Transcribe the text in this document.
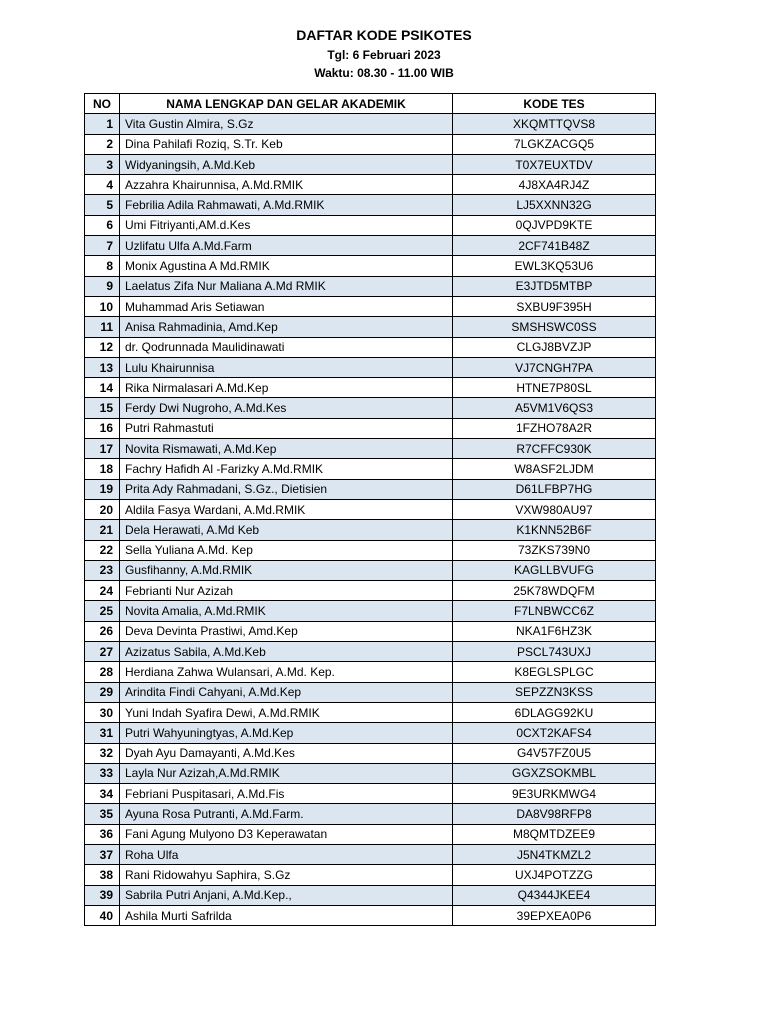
DAFTAR KODE PSIKOTES
Tgl: 6 Februari 2023
Waktu: 08.30 - 11.00 WIB
NO	NAMA LENGKAP DAN GELAR AKADEMIK	KODE TES
1	Vita Gustin Almira, S.Gz	XKQMTTQVS8
2	Dina Pahilafi Roziq, S.Tr. Keb	7LGKZACGQ5
3	Widyaningsih, A.Md.Keb	T0X7EUXTDV
4	Azzahra Khairunnisa, A.Md.RMIK	4J8XA4RJ4Z
5	Febrilia Adila Rahmawati, A.Md.RMIK	LJ5XXNN32G
6	Umi Fitriyanti,AM.d.Kes	0QJVPD9KTE
7	Uzlifatu Ulfa A.Md.Farm	2CF741B48Z
8	Monix Agustina A Md.RMIK	EWL3KQ53U6
9	Laelatus Zifa Nur Maliana A.Md RMIK	E3JTD5MTBP
10	Muhammad Aris Setiawan	SXBU9F395H
11	Anisa Rahmadinia, Amd.Kep	SMSHSWC0SS
12	dr. Qodrunnada Maulidinawati	CLGJ8BVZJP
13	Lulu Khairunnisa	VJ7CNGH7PA
14	Rika Nirmalasari A.Md.Kep	HTNE7P80SL
15	Ferdy Dwi Nugroho, A.Md.Kes	A5VM1V6QS3
16	Putri Rahmastuti	1FZHO78A2R
17	Novita Rismawati, A.Md.Kep	R7CFFC930K
18	Fachry Hafidh Al -Farizky A.Md.RMIK	W8ASF2LJDM
19	Prita Ady Rahmadani, S.Gz., Dietisien	D61LFBP7HG
20	Aldila Fasya Wardani, A.Md.RMIK	VXW980AU97
21	Dela Herawati, A.Md Keb	K1KNN52B6F
22	Sella Yuliana A.Md. Kep	73ZKS739N0
23	Gusfihanny, A.Md.RMIK	KAGLLBVUFG
24	Febrianti Nur Azizah	25K78WDQFM
25	Novita Amalia, A.Md.RMIK	F7LNBWCC6Z
26	Deva Devinta Prastiwi, Amd.Kep	NKA1F6HZ3K
27	Azizatus Sabila, A.Md.Keb	PSCL743UXJ
28	Herdiana Zahwa Wulansari, A.Md. Kep.	K8EGLSPLGC
29	Arindita Findi Cahyani, A.Md.Kep	SEPZZN3KSS
30	Yuni Indah Syafira Dewi, A.Md.RMIK	6DLAGG92KU
31	Putri Wahyuningtyas, A.Md.Kep	0CXT2KAFS4
32	Dyah Ayu Damayanti, A.Md.Kes	G4V57FZ0U5
33	Layla Nur Azizah,A.Md.RMIK	GGXZSOKMBL
34	Febriani Puspitasari, A.Md.Fis	9E3URKMWG4
35	Ayuna Rosa Putranti, A.Md.Farm.	DA8V98RFP8
36	Fani Agung Mulyono D3 Keperawatan	M8QMTDZEE9
37	Roha Ulfa	J5N4TKMZL2
38	Rani Ridowahyu Saphira, S.Gz	UXJ4POTZZG
39	Sabrila Putri Anjani, A.Md.Kep.,	Q4344JKEE4
40	Ashila Murti Safrilda	39EPXEA0P6
